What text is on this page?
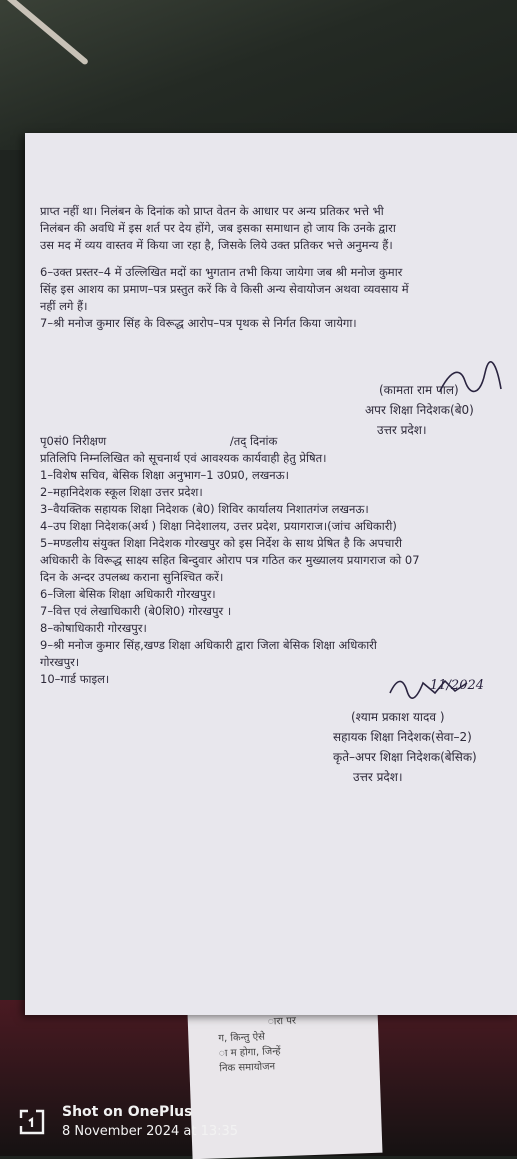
ारा पर
ग, किन्तु ऐसे
ा म होगा, जिन्हें
निक समायोजन

प्राप्त नहीं था। निलंबन के दिनांक को प्राप्त वेतन के आधार पर अन्य प्रतिकर भत्ते भी

निलंबन की अवधि में इस शर्त पर देय होंगे, जब इसका समाधान हो जाय कि उनके द्वारा

उस मद में व्यय वास्तव में किया जा रहा है, जिसके लिये उक्त प्रतिकर भत्ते अनुमन्य हैं।

6–उक्त प्रस्तर–4 में उल्लिखित मदों का भुगतान तभी किया जायेगा जब श्री मनोज कुमार

सिंह इस आशय का प्रमाण–पत्र प्रस्तुत करें कि वे किसी अन्य सेवायोजन अथवा व्यवसाय में

नहीं लगे हैं।

7–श्री मनोज कुमार सिंह के विरूद्ध आरोप–पत्र पृथक से निर्गत किया जायेगा।

(कामता राम पाल)
अपर शिक्षा निदेशक(बे0)
उत्तर प्रदेश।
पृ0सं0 निरीक्षण	/तद् दिनांक
प्रतिलिपि निम्नलिखित को सूचनार्थ एवं आवश्यक कार्यवाही हेतु प्रेषित।
1–विशेष सचिव, बेसिक शिक्षा अनुभाग–1 उ0प्र0, लखनऊ।
2–महानिदेशक स्कूल शिक्षा उत्तर प्रदेश।
3–वैयक्तिक सहायक शिक्षा निदेशक (बे0) शिविर कार्यालय निशातगंज लखनऊ।
4–उप शिक्षा निदेशक(अर्थ ) शिक्षा निदेशालय, उत्तर प्रदेश, प्रयागराज।(जांच अधिकारी)
5–मण्डलीय संयुक्त शिक्षा निदेशक गोरखपुर को इस निर्देश के साथ प्रेषित है कि अपचारी
अधिकारी के विरूद्ध साक्ष्य सहित बिन्दुवार ओराप पत्र गठित कर मुख्यालय प्रयागराज को 07
दिन के अन्दर उपलब्ध कराना सुनिश्चित करें।
6–जिला बेसिक शिक्षा अधिकारी गोरखपुर।
7–वित्त एवं लेखाधिकारी (बे0शि0) गोरखपुर ।
8–कोषाधिकारी गोरखपुर।
9–श्री मनोज कुमार सिंह,खण्ड शिक्षा अधिकारी द्वारा जिला बेसिक शिक्षा अधिकारी
गोरखपुर।
10–गार्ड फाइल।	11/2024
(श्याम प्रकाश यादव )
सहायक शिक्षा निदेशक(सेवा–2)
कृते–अपर शिक्षा निदेशक(बेसिक)
उत्तर प्रदेश।
Shot on OnePlus
8 November 2024 at 13:35
